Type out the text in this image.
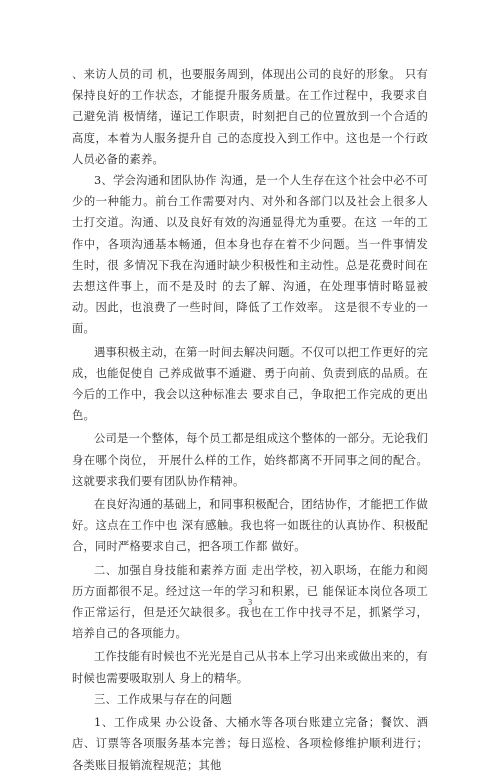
、来访人员的司 机，也要服务周到，体现出公司的良好的形象。 只有保持良好的工作状态，才能提升服务质量。在工作过程中，我要求自己避免消 极情绪，谨记工作职责，时刻把自己的位置放到一个合适的高度，本着为人服务提升自 己的态度投入到工作中。这也是一个行政人员必备的素养。

3、学会沟通和团队协作 沟通，是一个人生存在这个社会中必不可少的一种能力。前台工作需要对内、对外和各部门以及社会上很多人士打交道。沟通、以及良好有效的沟通显得尤为重要。在这 一年的工作中，各项沟通基本畅通，但本身也存在着不少问题。当一件事情发生时，很 多情况下我在沟通时缺少积极性和主动性。总是花费时间在去想这件事上，而不是及时 的去了解、沟通，在处理事情时略显被动。因此，也浪费了一些时间，降低了工作效率。 这是很不专业的一面。

遇事积极主动，在第一时间去解决问题。不仅可以把工作更好的完成，也能促使自 己养成做事不遁避、勇于向前、负责到底的品质。在今后的工作中，我会以这种标准去 要求自己，争取把工作完成的更出色。

公司是一个整体，每个员工都是组成这个整体的一部分。无论我们身在哪个岗位， 开展什么样的工作，始终都离不开同事之间的配合。这就要求我们要有团队协作精神。

在良好沟通的基础上，和同事积极配合，团结协作，才能把工作做好。这点在工作中也 深有感触。我也将一如既往的认真协作、积极配合，同时严格要求自己，把各项工作都 做好。

二、加强自身技能和素养方面 走出学校，初入职场，在能力和阅历方面都很不足。经过这一年的学习和积累，已 能保证本岗位各项工作正常运行，但是还欠缺很多。我也在工作中找寻不足，抓紧学习， 培养自己的各项能力。

工作技能有时候也不光光是自己从书本上学习出来或做出来的，有时候也需要吸取别人 身上的精华。

三、工作成果与存在的问题

1、工作成果 办公设备、大桶水等各项台账建立完备；餐饮、酒店、订票等各项服务基本完善；每日巡检、各项检修维护顺利进行；各类账目报销流程规范；其他

3
